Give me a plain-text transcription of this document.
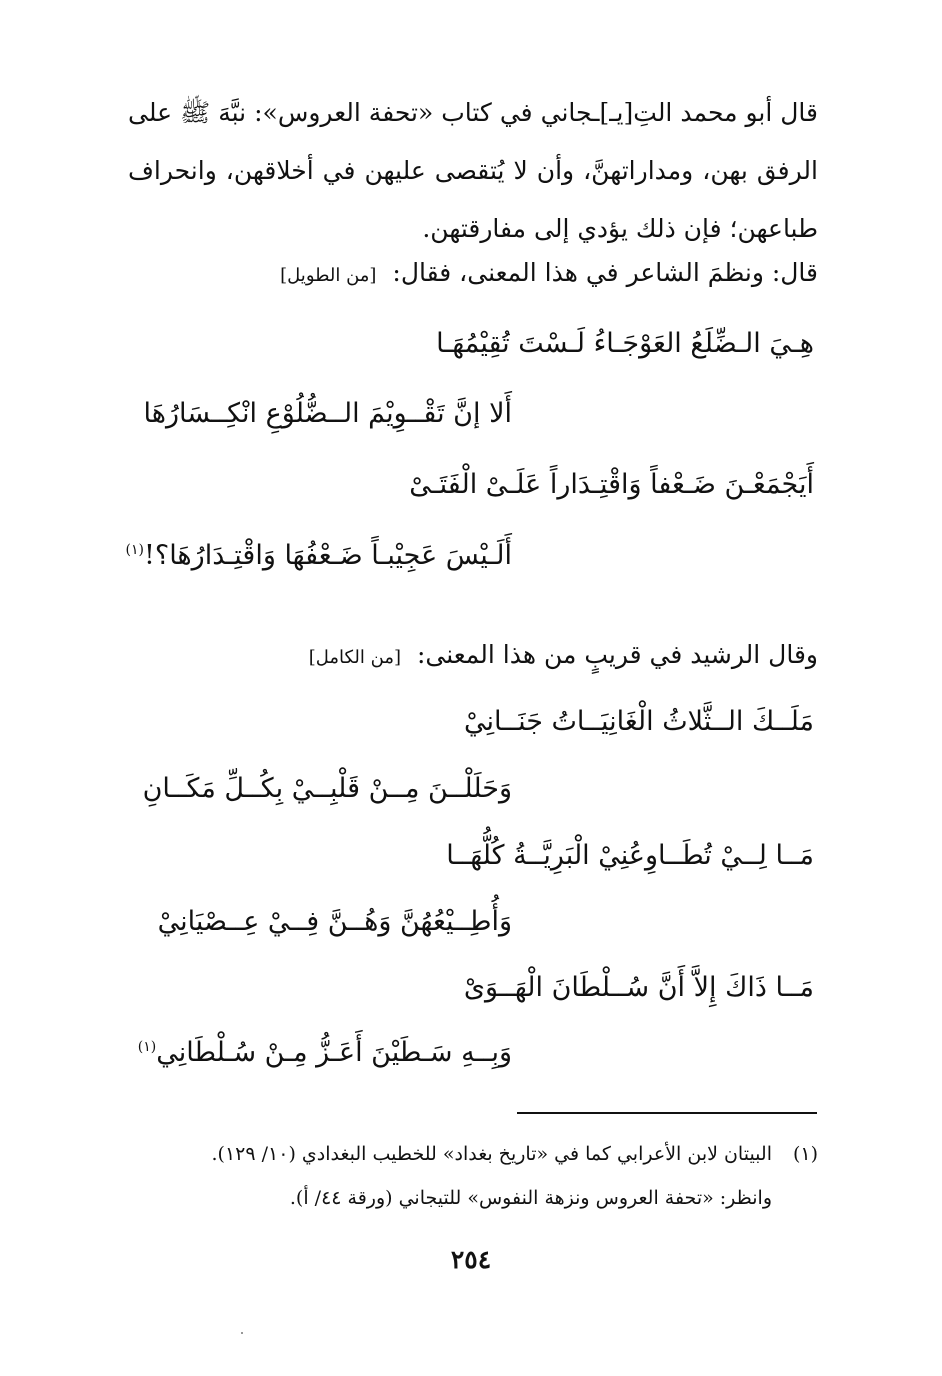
قال أبو محمد التِ[يـ]ـجاني في كتاب «تحفة العروس»: نبَّهَ ﷺ على الرفق بهن، ومداراتهنَّ، وأن لا يُتقصى عليهن في أخلاقهن، وانحراف طباعهن؛ فإن ذلك يؤدي إلى مفارقتهن.
قال: ونظمَ الشاعر في هذا المعنى، فقال: [من الطويل]
هِـيَ الـضِّلَعُ العَوْجَـاءُ لَـسْتَ تُقِيْمُهَـا
أَلا إنَّ تَقْــوِيْمَ الــضُّلُوْعِ انْكِــسَارُهَا
أَيَجْمَعْـنَ ضَـعْفاً وَاقْتِـدَاراً عَلَـىْ الْفَتَـىْ
أَلَـيْسَ عَجِيْبـاً ضَـعْفُهَا وَاقْتِـدَارُهَا؟!$^{(١)}$
وقال الرشيد في قريبٍ من هذا المعنى: [من الكامل]
مَلَــكَ الــثَّلاثُ الْغَانِيَــاتُ جَنَــانِيْ
وَحَلَلْــنَ مِــنْ قَلْبِــيْ بِكُــلِّ مَكَــانِ
مَــا لِــيْ تُطَــاوِعُنِيْ الْبَرِيَّــةُ كُلُّهَــا
وَأُطِــيْعُهُنَّ وَهُــنَّ فِــيْ عِــصْيَانِيْ
مَــا ذَاكَ إِلاَّ أَنَّ سُــلْطَانَ الْهَــوَىْ
وَبِــهِ سَـطَيْنَ أَعَـزُّ مِـنْ سُـلْطَانِي$^{(١)}$
(١)البيتان لابن الأعرابي كما في «تاريخ بغداد» للخطيب البغدادي (١٠/ ١٢٩).
وانظر: «تحفة العروس ونزهة النفوس» للتيجاني (ورقة ٤٤/ أ).
٢٥٤
